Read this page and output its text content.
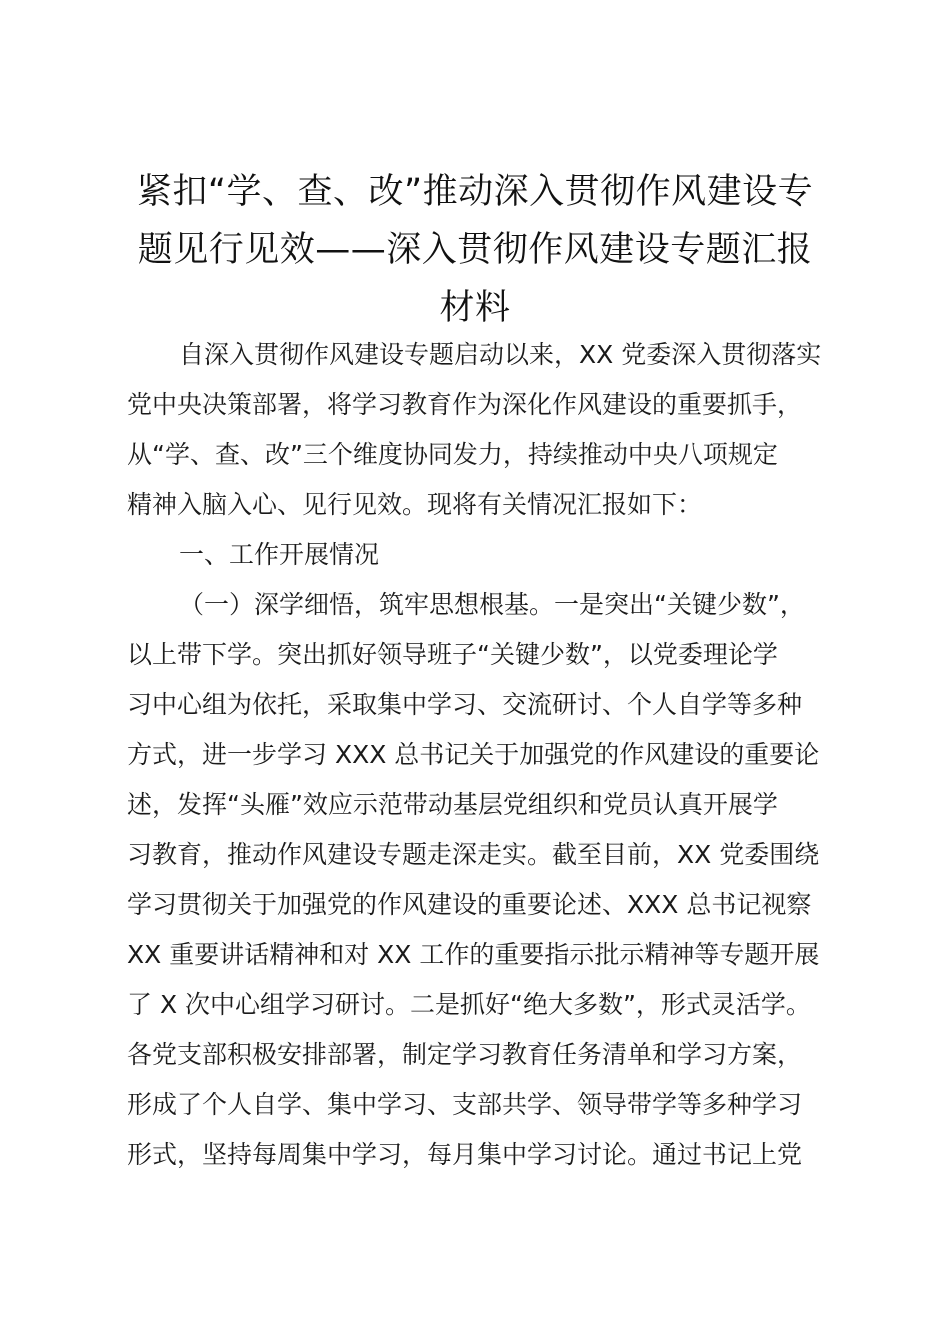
紧扣“学、查、改”推动深入贯彻作风建设专
题见行见效——深入贯彻作风建设专题汇报
材料
自深入贯彻作风建设专题启动以来，XX 党委深入贯彻落实
党中央决策部署，将学习教育作为深化作风建设的重要抓手，
从“学、查、改”三个维度协同发力，持续推动中央八项规定
精神入脑入心、见行见效。现将有关情况汇报如下：
一、工作开展情况
（一）深学细悟，筑牢思想根基。一是突出“关键少数”，
以上带下学。突出抓好领导班子“关键少数”，以党委理论学
习中心组为依托，采取集中学习、交流研讨、个人自学等多种
方式，进一步学习 XXX 总书记关于加强党的作风建设的重要论
述，发挥“头雁”效应示范带动基层党组织和党员认真开展学
习教育，推动作风建设专题走深走实。截至目前，XX 党委围绕
学习贯彻关于加强党的作风建设的重要论述、XXX 总书记视察
XX 重要讲话精神和对 XX 工作的重要指示批示精神等专题开展
了 X 次中心组学习研讨。二是抓好“绝大多数”，形式灵活学。
各党支部积极安排部署，制定学习教育任务清单和学习方案，
形成了个人自学、集中学习、支部共学、领导带学等多种学习
形式，坚持每周集中学习，每月集中学习讨论。通过书记上党
